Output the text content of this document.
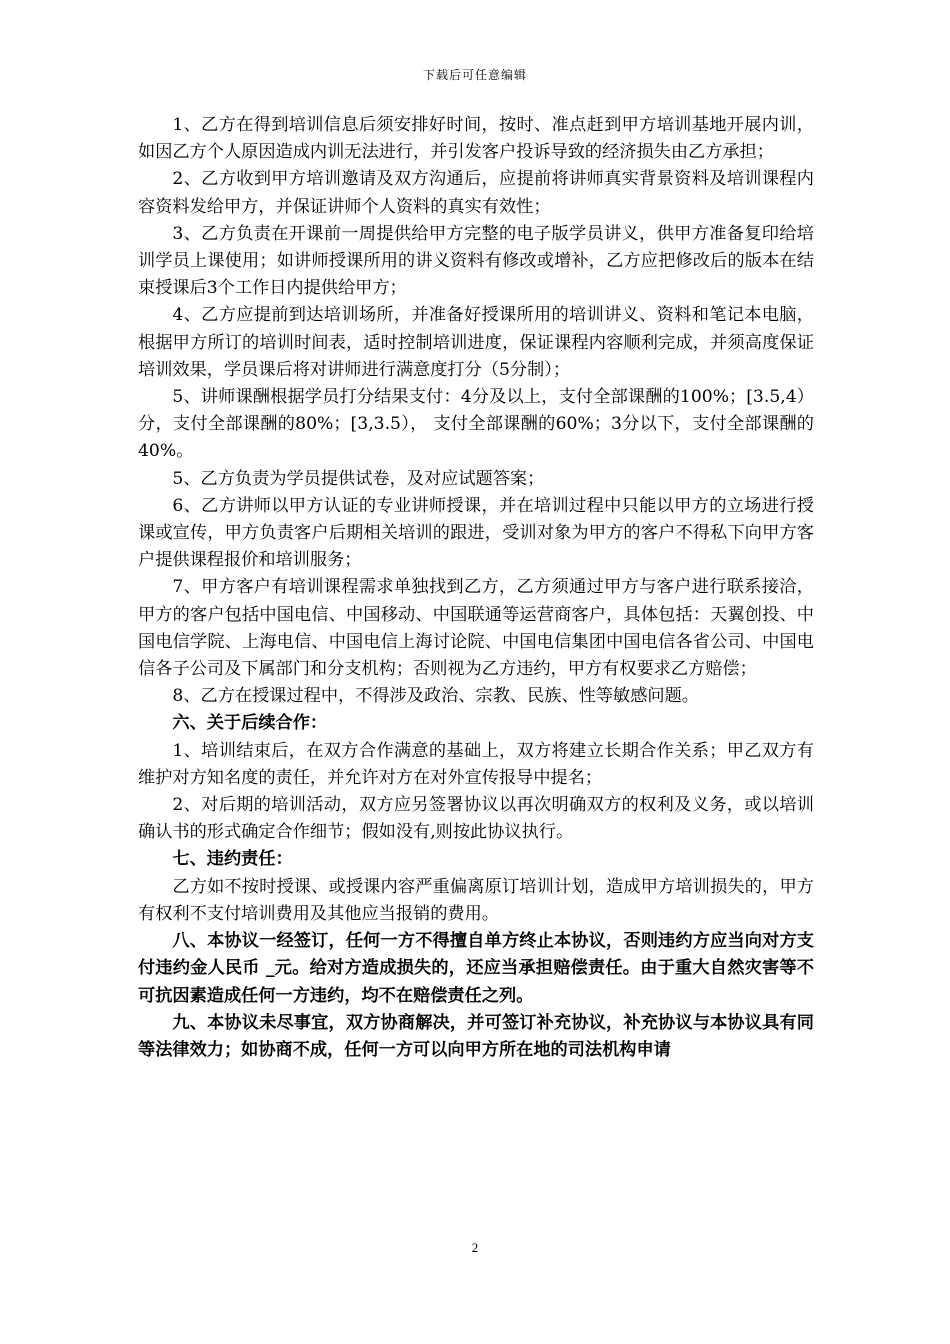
下载后可任意编辑

1、乙方在得到培训信息后须安排好时间，按时、准点赶到甲方培训基地开展内训，如因乙方个人原因造成内训无法进行，并引发客户投诉导致的经济损失由乙方承担；

2、乙方收到甲方培训邀请及双方沟通后，应提前将讲师真实背景资料及培训课程内容资料发给甲方，并保证讲师个人资料的真实有效性；

3、乙方负责在开课前一周提供给甲方完整的电子版学员讲义，供甲方准备复印给培训学员上课使用；如讲师授课所用的讲义资料有修改或增补，乙方应把修改后的版本在结束授课后3个工作日内提供给甲方；

4、乙方应提前到达培训场所，并准备好授课所用的培训讲义、资料和笔记本电脑，根据甲方所订的培训时间表，适时控制培训进度，保证课程内容顺利完成，并须高度保证培训效果，学员课后将对讲师进行满意度打分（5分制）；

5、讲师课酬根据学员打分结果支付：4分及以上，支付全部课酬的100%；[3.5,4）分，支付全部课酬的80%；[3,3.5）， 支付全部课酬的60%；3分以下，支付全部课酬的40%。

5、乙方负责为学员提供试卷，及对应试题答案；

6、乙方讲师以甲方认证的专业讲师授课，并在培训过程中只能以甲方的立场进行授课或宣传，甲方负责客户后期相关培训的跟进，受训对象为甲方的客户不得私下向甲方客户提供课程报价和培训服务；

7、甲方客户有培训课程需求单独找到乙方，乙方须通过甲方与客户进行联系接洽，甲方的客户包括中国电信、中国移动、中国联通等运营商客户，具体包括：天翼创投、中国电信学院、上海电信、中国电信上海讨论院、中国电信集团中国电信各省公司、中国电信各子公司及下属部门和分支机构；否则视为乙方违约，甲方有权要求乙方赔偿；

8、乙方在授课过程中，不得涉及政治、宗教、民族、性等敏感问题。

六、关于后续合作：

1、培训结束后，在双方合作满意的基础上，双方将建立长期合作关系；甲乙双方有维护对方知名度的责任，并允许对方在对外宣传报导中提名；

2、对后期的培训活动，双方应另签署协议以再次明确双方的权利及义务，或以培训确认书的形式确定合作细节；假如没有,则按此协议执行。

七、违约责任：

乙方如不按时授课、或授课内容严重偏离原订培训计划，造成甲方培训损失的，甲方有权利不支付培训费用及其他应当报销的费用。

八、本协议一经签订，任何一方不得擅自单方终止本协议，否则违约方应当向对方支付违约金人民币 _元。给对方造成损失的，还应当承担赔偿责任。由于重大自然灾害等不可抗因素造成任何一方违约，均不在赔偿责任之列。

九、本协议未尽事宜，双方协商解决，并可签订补充协议，补充协议与本协议具有同等法律效力；如协商不成，任何一方可以向甲方所在地的司法机构申请

2
